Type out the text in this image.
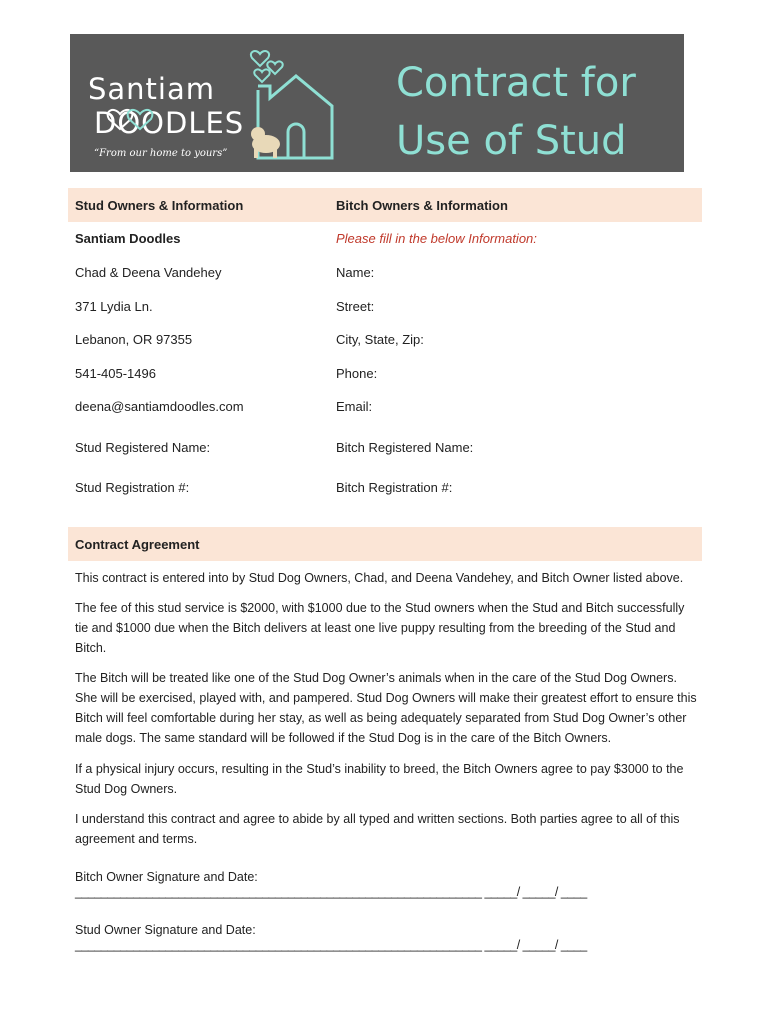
Santiam
DOODLES
“From our home to yours”
Contract for
Use of Stud
Stud Owners & Information	Bitch Owners & Information
Santiam Doodles
Chad & Deena Vandehey
371 Lydia Ln.
Lebanon, OR 97355
541-405-1496
deena@santiamdoodles.com
Stud Registered Name:
Stud Registration #:
Please fill in the below Information:
Name:
Street:
City, State, Zip:
Phone:
Email:
Bitch Registered Name:
Bitch Registration #:
Contract Agreement
This contract is entered into by Stud Dog Owners, Chad, and Deena Vandehey, and Bitch Owner listed above.
The fee of this stud service is $2000, with $1000 due to the Stud owners when the Stud and Bitch successfully tie and $1000 due when the Bitch delivers at least one live puppy resulting from the breeding of the Stud and Bitch.
The Bitch will be treated like one of the Stud Dog Owner’s animals when in the care of the Stud Dog Owners. She will be exercised, played with, and pampered. Stud Dog Owners will make their greatest effort to ensure this Bitch will feel comfortable during her stay, as well as being adequately separated from Stud Dog Owner’s other male dogs. The same standard will be followed if the Stud Dog is in the care of the Bitch Owners.
If a physical injury occurs, resulting in the Stud’s inability to breed, the Bitch Owners agree to pay $3000 to the Stud Dog Owners.
I understand this contract and agree to abide by all typed and written sections. Both parties agree to all of this agreement and terms.
Bitch Owner Signature and Date:
_______________________________________________________________ _____/ _____/ ____
Stud Owner Signature and Date:
_______________________________________________________________ _____/ _____/ ____
